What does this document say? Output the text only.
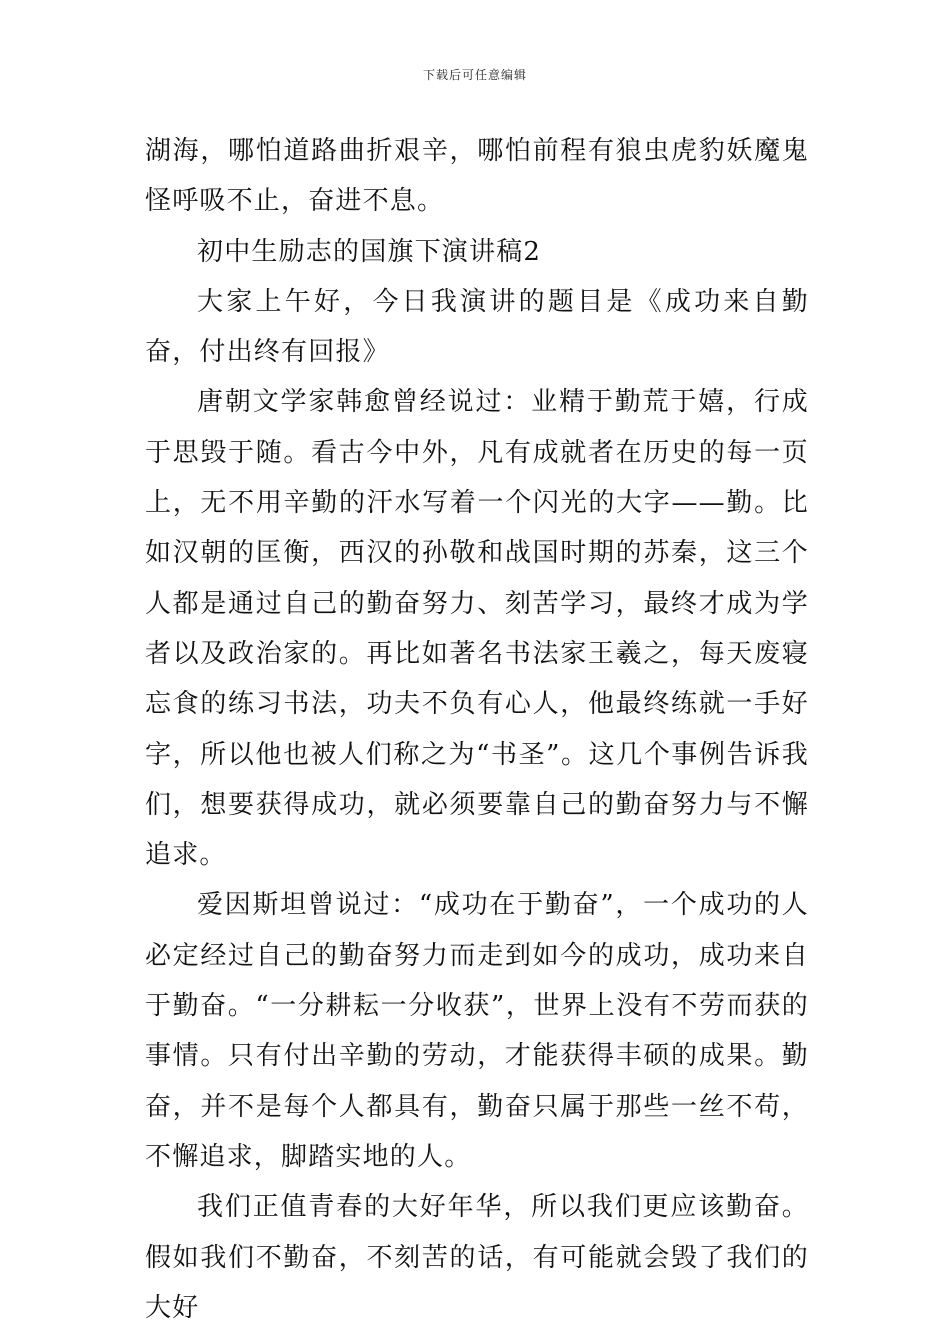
下载后可任意编辑

湖海，哪怕道路曲折艰辛，哪怕前程有狼虫虎豹妖魔鬼怪呼吸不止，奋进不息。

初中生励志的国旗下演讲稿2

大家上午好，今日我演讲的题目是《成功来自勤奋，付出终有回报》

唐朝文学家韩愈曾经说过：业精于勤荒于嬉，行成于思毁于随。看古今中外，凡有成就者在历史的每一页上，无不用辛勤的汗水写着一个闪光的大字——勤。比如汉朝的匡衡，西汉的孙敬和战国时期的苏秦，这三个人都是通过自己的勤奋努力、刻苦学习，最终才成为学者以及政治家的。再比如著名书法家王羲之，每天废寝忘食的练习书法，功夫不负有心人，他最终练就一手好字，所以他也被人们称之为“书圣”。这几个事例告诉我们，想要获得成功，就必须要靠自己的勤奋努力与不懈追求。

爱因斯坦曾说过：“成功在于勤奋”，一个成功的人必定经过自己的勤奋努力而走到如今的成功，成功来自于勤奋。“一分耕耘一分收获”，世界上没有不劳而获的事情。只有付出辛勤的劳动，才能获得丰硕的成果。勤奋，并不是每个人都具有，勤奋只属于那些一丝不苟，不懈追求，脚踏实地的人。

我们正值青春的大好年华，所以我们更应该勤奋。假如我们不勤奋，不刻苦的话，有可能就会毁了我们的大好
